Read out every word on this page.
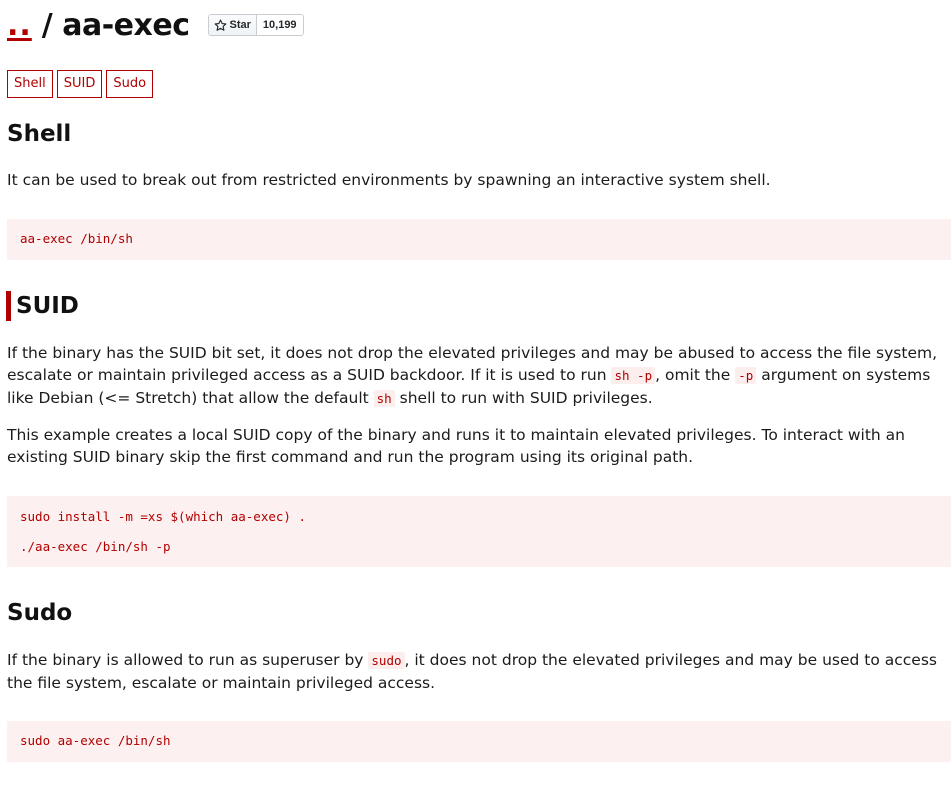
.. / aa-exec	Star	10,199
Shell	SUID	Sudo
Shell

It can be used to break out from restricted environments by spawning an interactive system shell.

aa-exec /bin/sh
SUID

If the binary has the SUID bit set, it does not drop the elevated privileges and may be abused to access the file system, escalate or maintain privileged access as a SUID backdoor. If it is used to run sh -p , omit the -p argument on systems like Debian (<= Stretch) that allow the default sh shell to run with SUID privileges.

This example creates a local SUID copy of the binary and runs it to maintain elevated privileges. To interact with an existing SUID binary skip the first command and run the program using its original path.

sudo install -m =xs $(which aa-exec) .
./aa-exec /bin/sh -p
Sudo

If the binary is allowed to run as superuser by sudo , it does not drop the elevated privileges and may be used to access the file system, escalate or maintain privileged access.

sudo aa-exec /bin/sh
